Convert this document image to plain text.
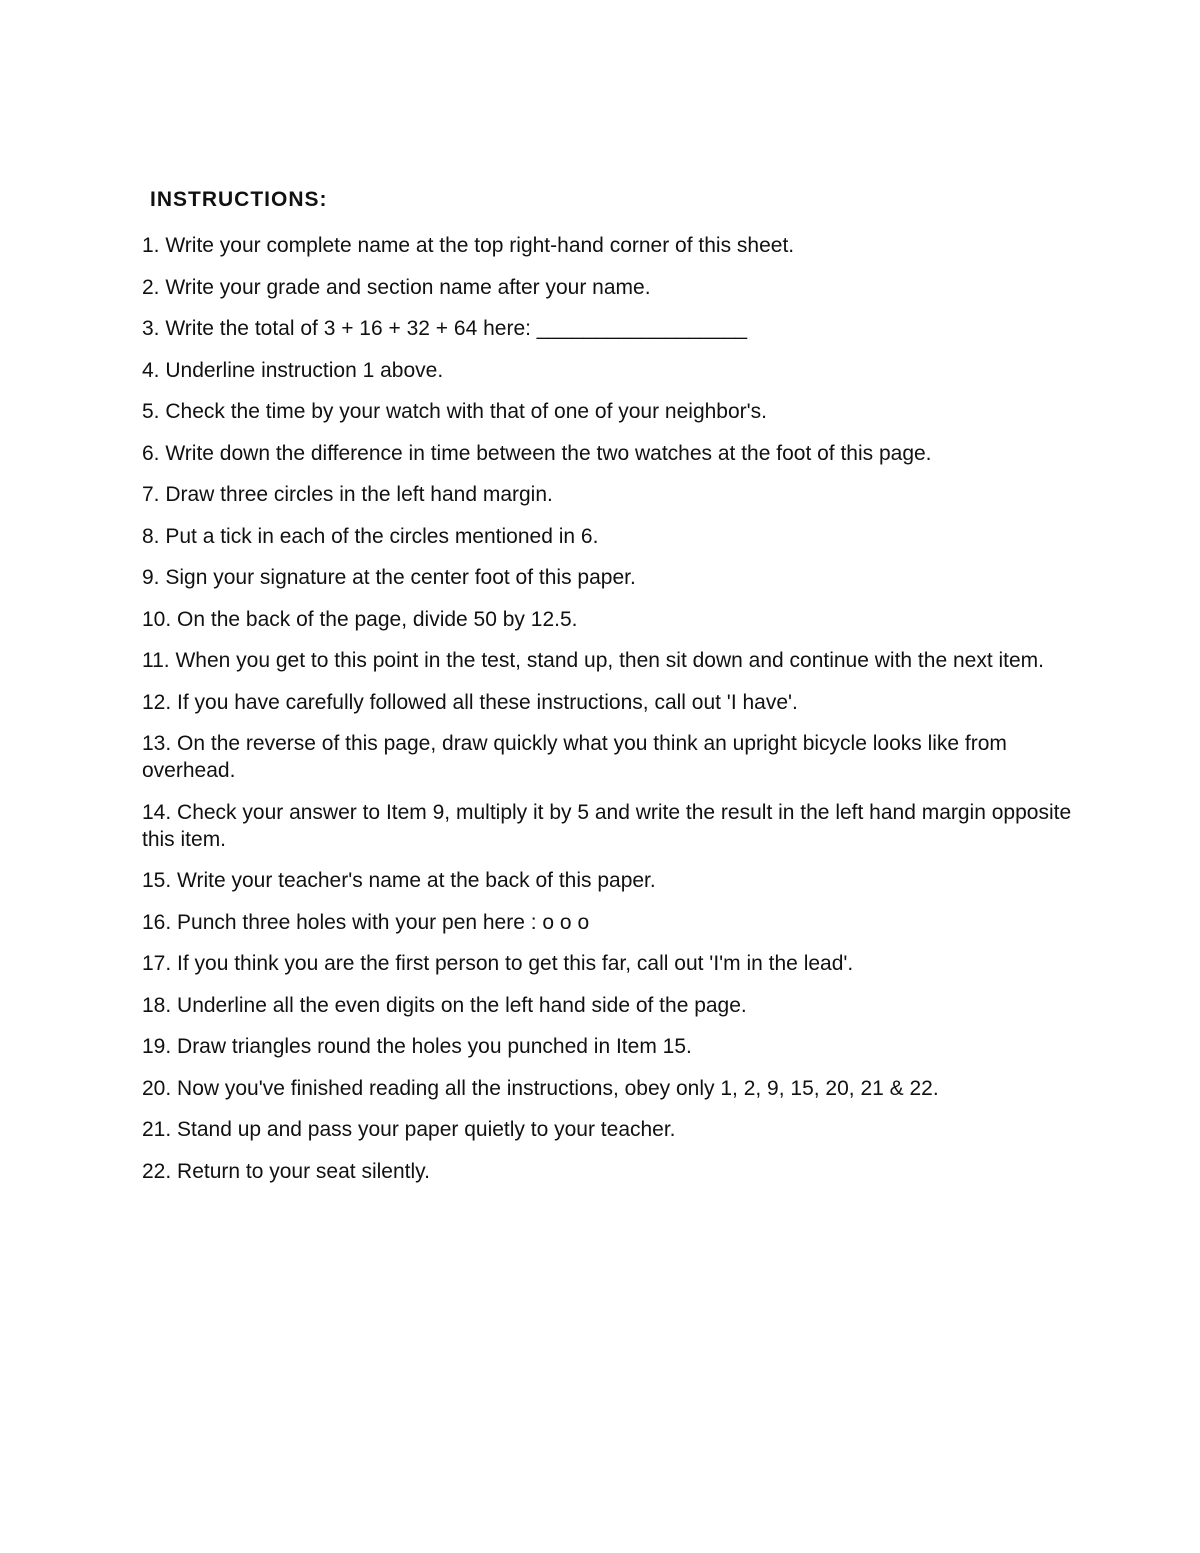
INSTRUCTIONS:
1. Write your complete name at the top right-hand corner of this sheet.
2. Write your grade and section name after your name.
3. Write the total of 3 + 16 + 32 + 64 here: __________________
4. Underline instruction 1 above.
5. Check the time by your watch with that of one of your neighbor's.
6. Write down the difference in time between the two watches at the foot of this page.
7. Draw three circles in the left hand margin.
8. Put a tick in each of the circles mentioned in 6.
9. Sign your signature at the center foot of this paper.
10. On the back of the page, divide 50 by 12.5.
11. When you get to this point in the test, stand up, then sit down and continue with the next item.
12. If you have carefully followed all these instructions, call out 'I have'.
13. On the reverse of this page, draw quickly what you think an upright bicycle looks like from overhead.
14. Check your answer to Item 9, multiply it by 5 and write the result in the left hand margin opposite this item.
15. Write your teacher's name at the back of this paper.
16. Punch three holes with your pen here : o o o
17. If you think you are the first person to get this far, call out 'I'm in the lead'.
18. Underline all the even digits on the left hand side of the page.
19. Draw triangles round the holes you punched in Item 15.
20. Now you've finished reading all the instructions, obey only 1, 2, 9, 15, 20, 21 & 22.
21. Stand up and pass your paper quietly to your teacher.
22. Return to your seat silently.
